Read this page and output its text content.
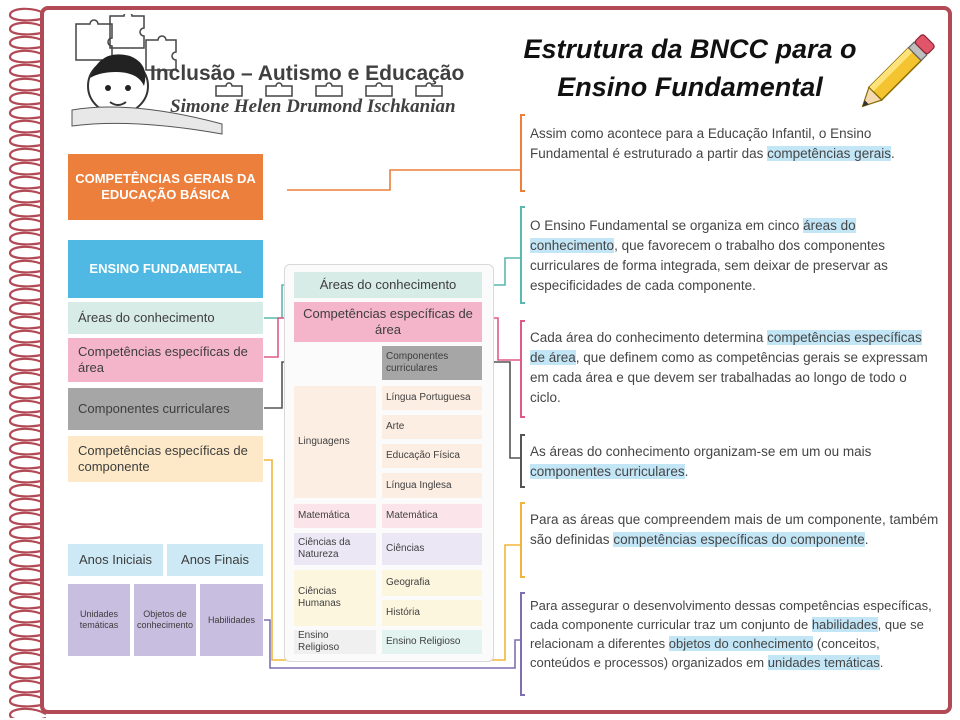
Inclusão – Autismo e Educação
Simone Helen Drumond Ischkanian
Estrutura da BNCC para o
Ensino Fundamental
COMPETÊNCIAS GERAIS DA EDUCAÇÃO BÁSICA
ENSINO FUNDAMENTAL
Áreas do conhecimento
Competências específicas de área
Componentes curriculares
Competências específicas de componente
Anos Iniciais	Anos Finais
Unidades temáticas
Objetos de conhecimento
Habilidades
Áreas do conhecimento
Competências específicas de área
Componentes curriculares
Linguagens
Língua Portuguesa
Arte
Educação Física
Língua Inglesa
Matemática	Matemática
Ciências da Natureza
Ciências
Ciências Humanas
Geografia
História
Ensino Religioso
Ensino Religioso
Assim como acontece para a Educação Infantil, o Ensino Fundamental é estruturado a partir das competências gerais.
O Ensino Fundamental se organiza em cinco áreas do conhecimento, que favorecem o trabalho dos componentes curriculares de forma integrada, sem deixar de preservar as especificidades de cada componente.
Cada área do conhecimento determina competências específicas de área, que definem como as competências gerais se expressam em cada área e que devem ser trabalhadas ao longo de todo o ciclo.
As áreas do conhecimento organizam-se em um ou mais componentes curriculares.
Para as áreas que compreendem mais de um componente, também são definidas competências específicas do componente.
Para assegurar o desenvolvimento dessas competências específicas, cada componente curricular traz um conjunto de habilidades, que se relacionam a diferentes objetos do conhecimento (conceitos, conteúdos e processos) organizados em unidades temáticas.
